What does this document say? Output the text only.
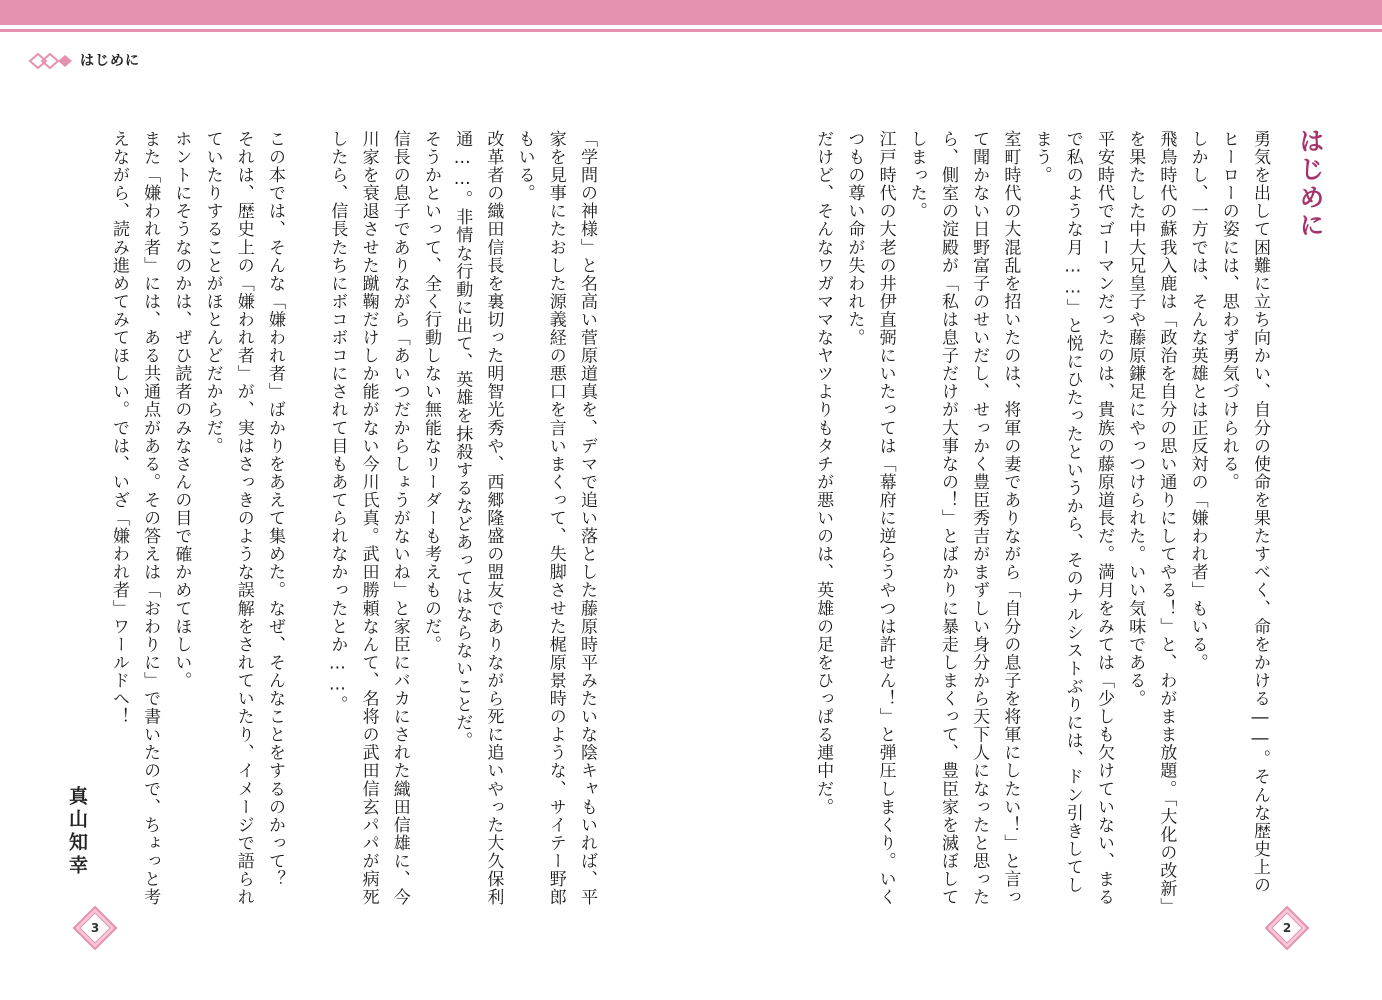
はじめに
はじめに

勇気を出して困難に立ち向かい、自分の使命を果たすべく、命をかける――。そんな歴史上のヒーローの姿には、思わず勇気づけられる。

しかし、一方では、そんな英雄とは正反対の「嫌われ者」もいる。

飛鳥時代の蘇我入鹿は「政治を自分の思い通りにしてやる！」と、わがまま放題。「大化の改新」を果たした中大兄皇子や藤原鎌足にやっつけられた。いい気味である。

平安時代でゴーマンだったのは、貴族の藤原道長だ。満月をみては「少しも欠けていない、まるで私のような月……」と悦にひたったというから、そのナルシストぶりには、ドン引きしてしまう。

室町時代の大混乱を招いたのは、将軍の妻でありながら「自分の息子を将軍にしたい！」と言って聞かない日野富子のせいだし、せっかく豊臣秀吉がまずしい身分から天下人になったと思ったら、側室の淀殿が「私は息子だけが大事なの！」とばかりに暴走しまくって、豊臣家を滅ぼしてしまった。

江戸時代の大老の井伊直弼にいたっては「幕府に逆らうやつは許せん！」と弾圧しまくり。いくつもの尊い命が失われた。

だけど、そんなワガママなヤツよりもタチが悪いのは、英雄の足をひっぱる連中だ。

「学問の神様」と名高い菅原道真を、デマで追い落とした藤原時平みたいな陰キャもいれば、平家を見事にたおした源義経の悪口を言いまくって、失脚させた梶原景時のような、サイテー野郎もいる。

改革者の織田信長を裏切った明智光秀や、西郷隆盛の盟友でありながら死に追いやった大久保利通……。非情な行動に出て、英雄を抹殺するなどあってはならないことだ。

そうかといって、全く行動しない無能なリーダーも考えものだ。

信長の息子でありながら「あいつだからしょうがないね」と家臣にバカにされた織田信雄に、今川家を衰退させた蹴鞠だけしか能がない今川氏真。武田勝頼なんて、名将の武田信玄パパが病死したら、信長たちにボコボコにされて目もあてられなかったとか……。

この本では、そんな「嫌われ者」ばかりをあえて集めた。なぜ、そんなことをするのかって？　それは、歴史上の「嫌われ者」が、実はさっきのような誤解をされていたり、イメージで語られていたりすることがほとんどだからだ。

ホントにそうなのかは、ぜひ読者のみなさんの目で確かめてほしい。

また「嫌われ者」には、ある共通点がある。その答えは「おわりに」で書いたので、ちょっと考えながら、読み進めてみてほしい。では、いざ「嫌われ者」ワールドへ！

真山知幸
3	2
